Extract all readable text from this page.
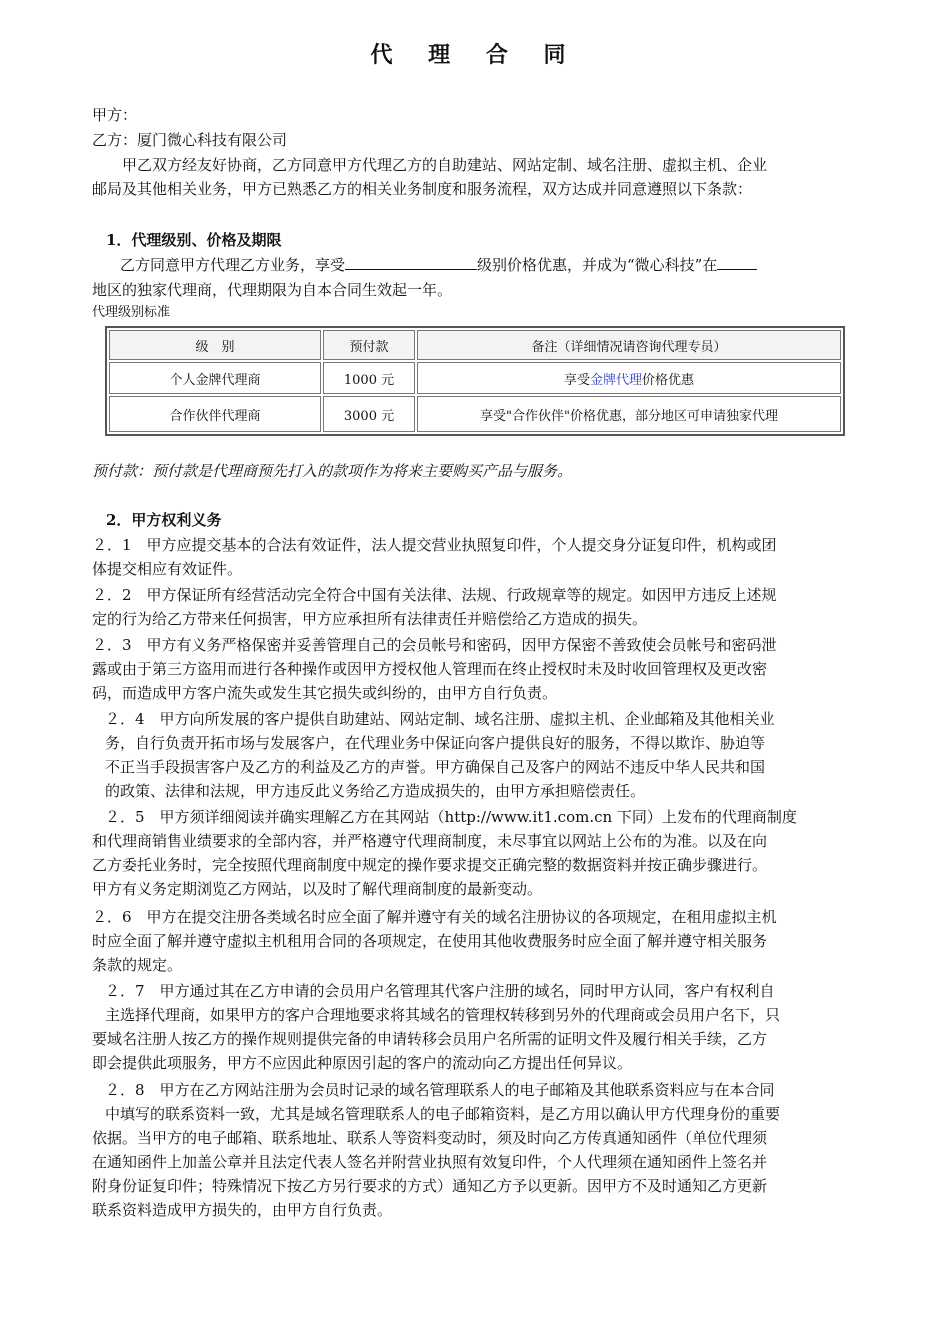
代 理 合 同
甲方：
乙方：厦门微心科技有限公司
甲乙双方经友好协商，乙方同意甲方代理乙方的自助建站、网站定制、域名注册、虚拟主机、企业
邮局及其他相关业务，甲方已熟悉乙方的相关业务制度和服务流程，双方达成并同意遵照以下条款：
1．代理级别、价格及期限
乙方同意甲方代理乙方业务，享受	级别价格优惠，并成为“微心科技”在
地区的独家代理商，代理期限为自本合同生效起一年。
代理级别标准
级　别	预付款	备注（详细情况请咨询代理专员）
个人金牌代理商	1000 元	享受金牌代理价格优惠
合作伙伴代理商	3000 元	享受"合作伙伴"价格优惠，部分地区可申请独家代理
预付款：预付款是代理商预先打入的款项作为将来主要购买产品与服务。
2．甲方权利义务
２．1　甲方应提交基本的合法有效证件，法人提交营业执照复印件，个人提交身分证复印件，机构或团
体提交相应有效证件。
２．2　甲方保证所有经营活动完全符合中国有关法律、法规、行政规章等的规定。如因甲方违反上述规
定的行为给乙方带来任何损害，甲方应承担所有法律责任并赔偿给乙方造成的损失。
２．3　甲方有义务严格保密并妥善管理自己的会员帐号和密码，因甲方保密不善致使会员帐号和密码泄
露或由于第三方盗用而进行各种操作或因甲方授权他人管理而在终止授权时未及时收回管理权及更改密
码，而造成甲方客户流失或发生其它损失或纠纷的，由甲方自行负责。
２．4　甲方向所发展的客户提供自助建站、网站定制、域名注册、虚拟主机、企业邮箱及其他相关业
务，自行负责开拓市场与发展客户，在代理业务中保证向客户提供良好的服务，不得以欺诈、胁迫等
不正当手段损害客户及乙方的利益及乙方的声誉。甲方确保自己及客户的网站不违反中华人民共和国
的政策、法律和法规，甲方违反此义务给乙方造成损失的，由甲方承担赔偿责任。
２．5　甲方须详细阅读并确实理解乙方在其网站（http://www.it1.com.cn 下同）上发布的代理商制度
和代理商销售业绩要求的全部内容，并严格遵守代理商制度，未尽事宜以网站上公布的为准。以及在向
乙方委托业务时，完全按照代理商制度中规定的操作要求提交正确完整的数据资料并按正确步骤进行。
甲方有义务定期浏览乙方网站，以及时了解代理商制度的最新变动。
２．6　甲方在提交注册各类域名时应全面了解并遵守有关的域名注册协议的各项规定，在租用虚拟主机
时应全面了解并遵守虚拟主机租用合同的各项规定，在使用其他收费服务时应全面了解并遵守相关服务
条款的规定。
２．7　甲方通过其在乙方申请的会员用户名管理其代客户注册的域名，同时甲方认同，客户有权利自
主选择代理商，如果甲方的客户合理地要求将其域名的管理权转移到另外的代理商或会员用户名下，只
要域名注册人按乙方的操作规则提供完备的申请转移会员用户名所需的证明文件及履行相关手续，乙方
即会提供此项服务，甲方不应因此种原因引起的客户的流动向乙方提出任何异议。
２．8　甲方在乙方网站注册为会员时记录的域名管理联系人的电子邮箱及其他联系资料应与在本合同
中填写的联系资料一致，尤其是域名管理联系人的电子邮箱资料，是乙方用以确认甲方代理身份的重要
依据。当甲方的电子邮箱、联系地址、联系人等资料变动时，须及时向乙方传真通知函件（单位代理须
在通知函件上加盖公章并且法定代表人签名并附营业执照有效复印件，个人代理须在通知函件上签名并
附身份证复印件；特殊情况下按乙方另行要求的方式）通知乙方予以更新。因甲方不及时通知乙方更新
联系资料造成甲方损失的，由甲方自行负责。
